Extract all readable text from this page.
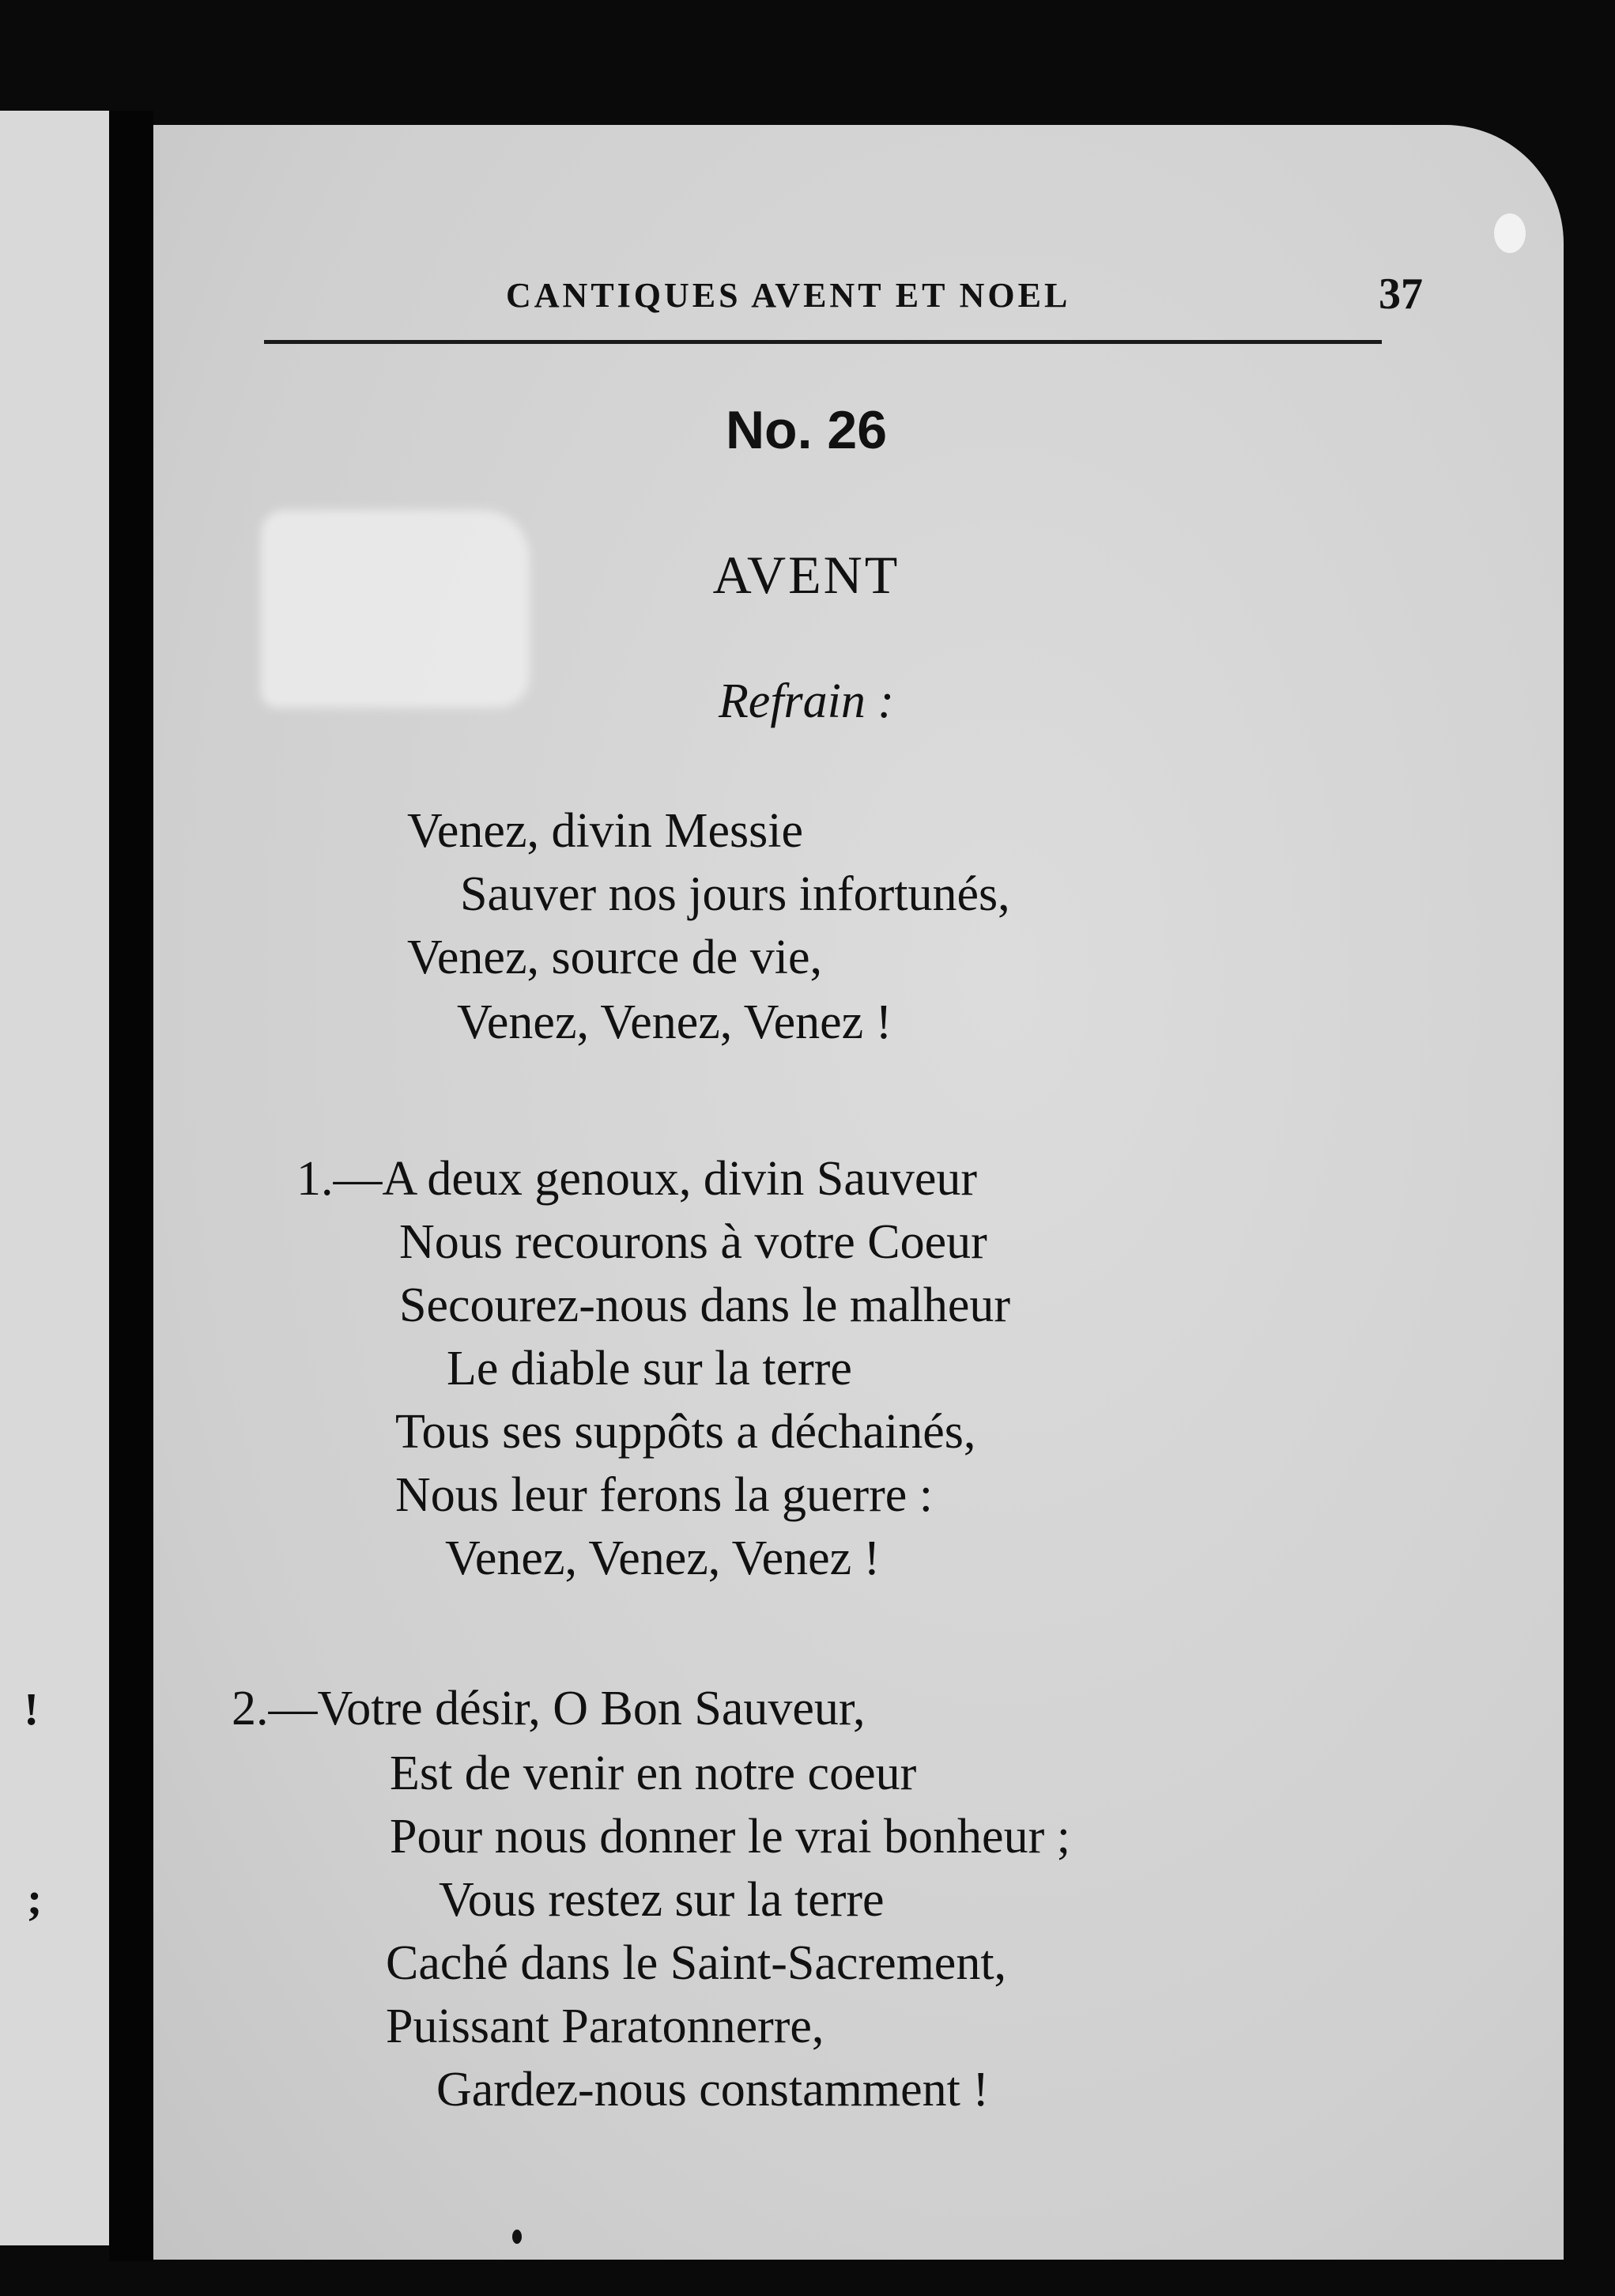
!
;
CANTIQUES AVENT ET NOEL	37
No. 26
AVENT
Refrain :
Venez, divin Messie
Sauver nos jours infortunés,
Venez, source de vie,
Venez, Venez, Venez !
1.—A deux genoux, divin Sauveur
Nous recourons à votre Coeur
Secourez-nous dans le malheur
Le diable sur la terre
Tous ses suppôts a déchainés,
Nous leur ferons la guerre :
Venez, Venez, Venez !
2.—Votre désir, O Bon Sauveur,
Est de venir en notre coeur
Pour nous donner le vrai bonheur ;
Vous restez sur la terre
Caché dans le Saint-Sacrement,
Puissant Paratonnerre,
Gardez-nous constamment !
